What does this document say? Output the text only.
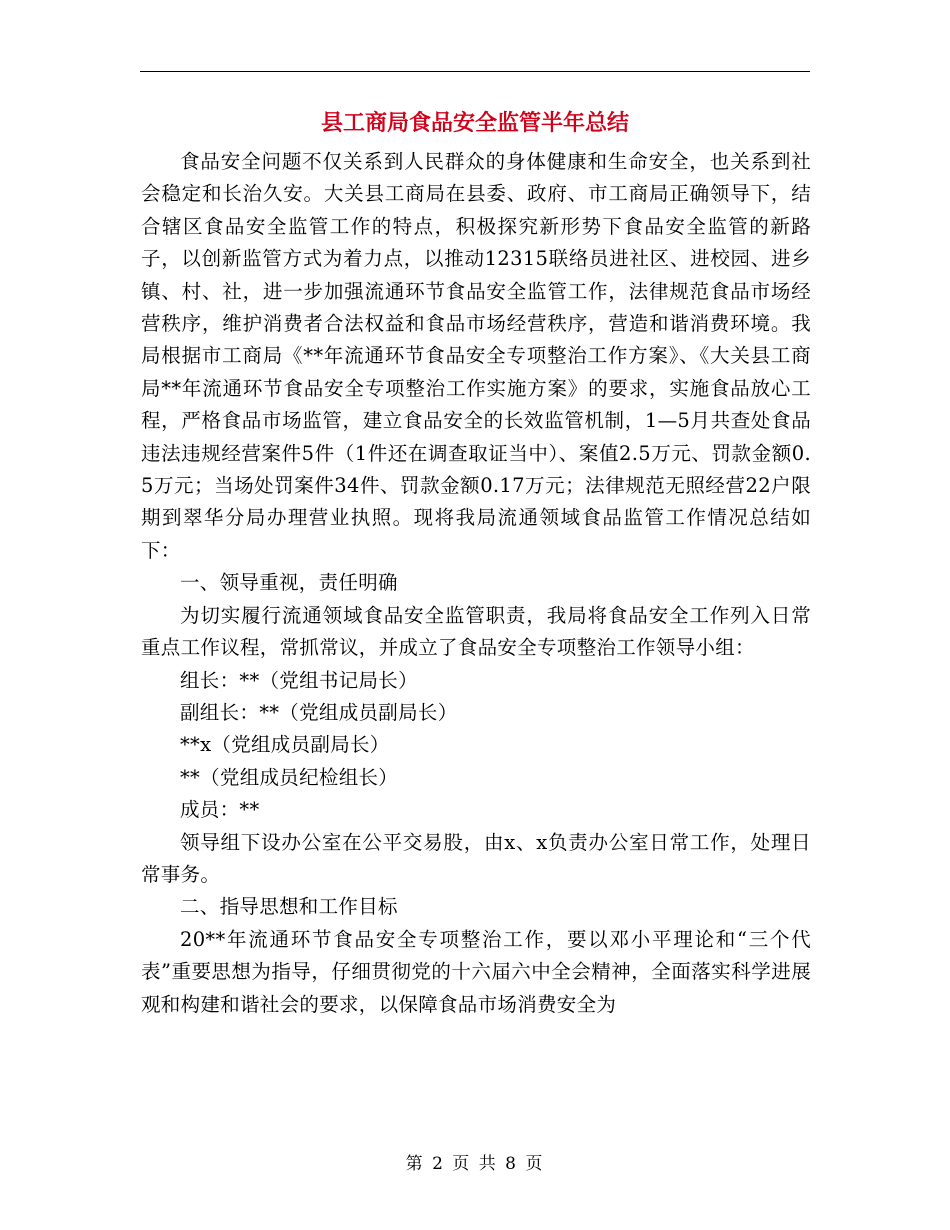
县工商局食品安全监管半年总结

食品安全问题不仅关系到人民群众的身体健康和生命安全，也关系到社会稳定和长治久安。大关县工商局在县委、政府、市工商局正确领导下，结合辖区食品安全监管工作的特点，积极探究新形势下食品安全监管的新路子，以创新监管方式为着力点，以推动12315联络员进社区、进校园、进乡镇、村、社，进一步加强流通环节食品安全监管工作，法律规范食品市场经营秩序，维护消费者合法权益和食品市场经营秩序，营造和谐消费环境。我局根据市工商局《**年流通环节食品安全专项整治工作方案》、《大关县工商局**年流通环节食品安全专项整治工作实施方案》的要求，实施食品放心工程，严格食品市场监管，建立食品安全的长效监管机制，1—5月共查处食品违法违规经营案件5件（1件还在调查取证当中）、案值2.5万元、罚款金额0.5万元；当场处罚案件34件、罚款金额0.17万元；法律规范无照经营22户限期到翠华分局办理营业执照。现将我局流通领域食品监管工作情况总结如下：

一、领导重视，责任明确

为切实履行流通领域食品安全监管职责，我局将食品安全工作列入日常重点工作议程，常抓常议，并成立了食品安全专项整治工作领导小组：

组长：**（党组书记局长）

副组长：**（党组成员副局长）

**x（党组成员副局长）

**（党组成员纪检组长）

成员：**

领导组下设办公室在公平交易股，由x、x负责办公室日常工作，处理日常事务。

二、指导思想和工作目标

20**年流通环节食品安全专项整治工作，要以邓小平理论和“三个代表”重要思想为指导，仔细贯彻党的十六届六中全会精神，全面落实科学进展观和构建和谐社会的要求，以保障食品市场消费安全为

第 2 页 共 8 页
